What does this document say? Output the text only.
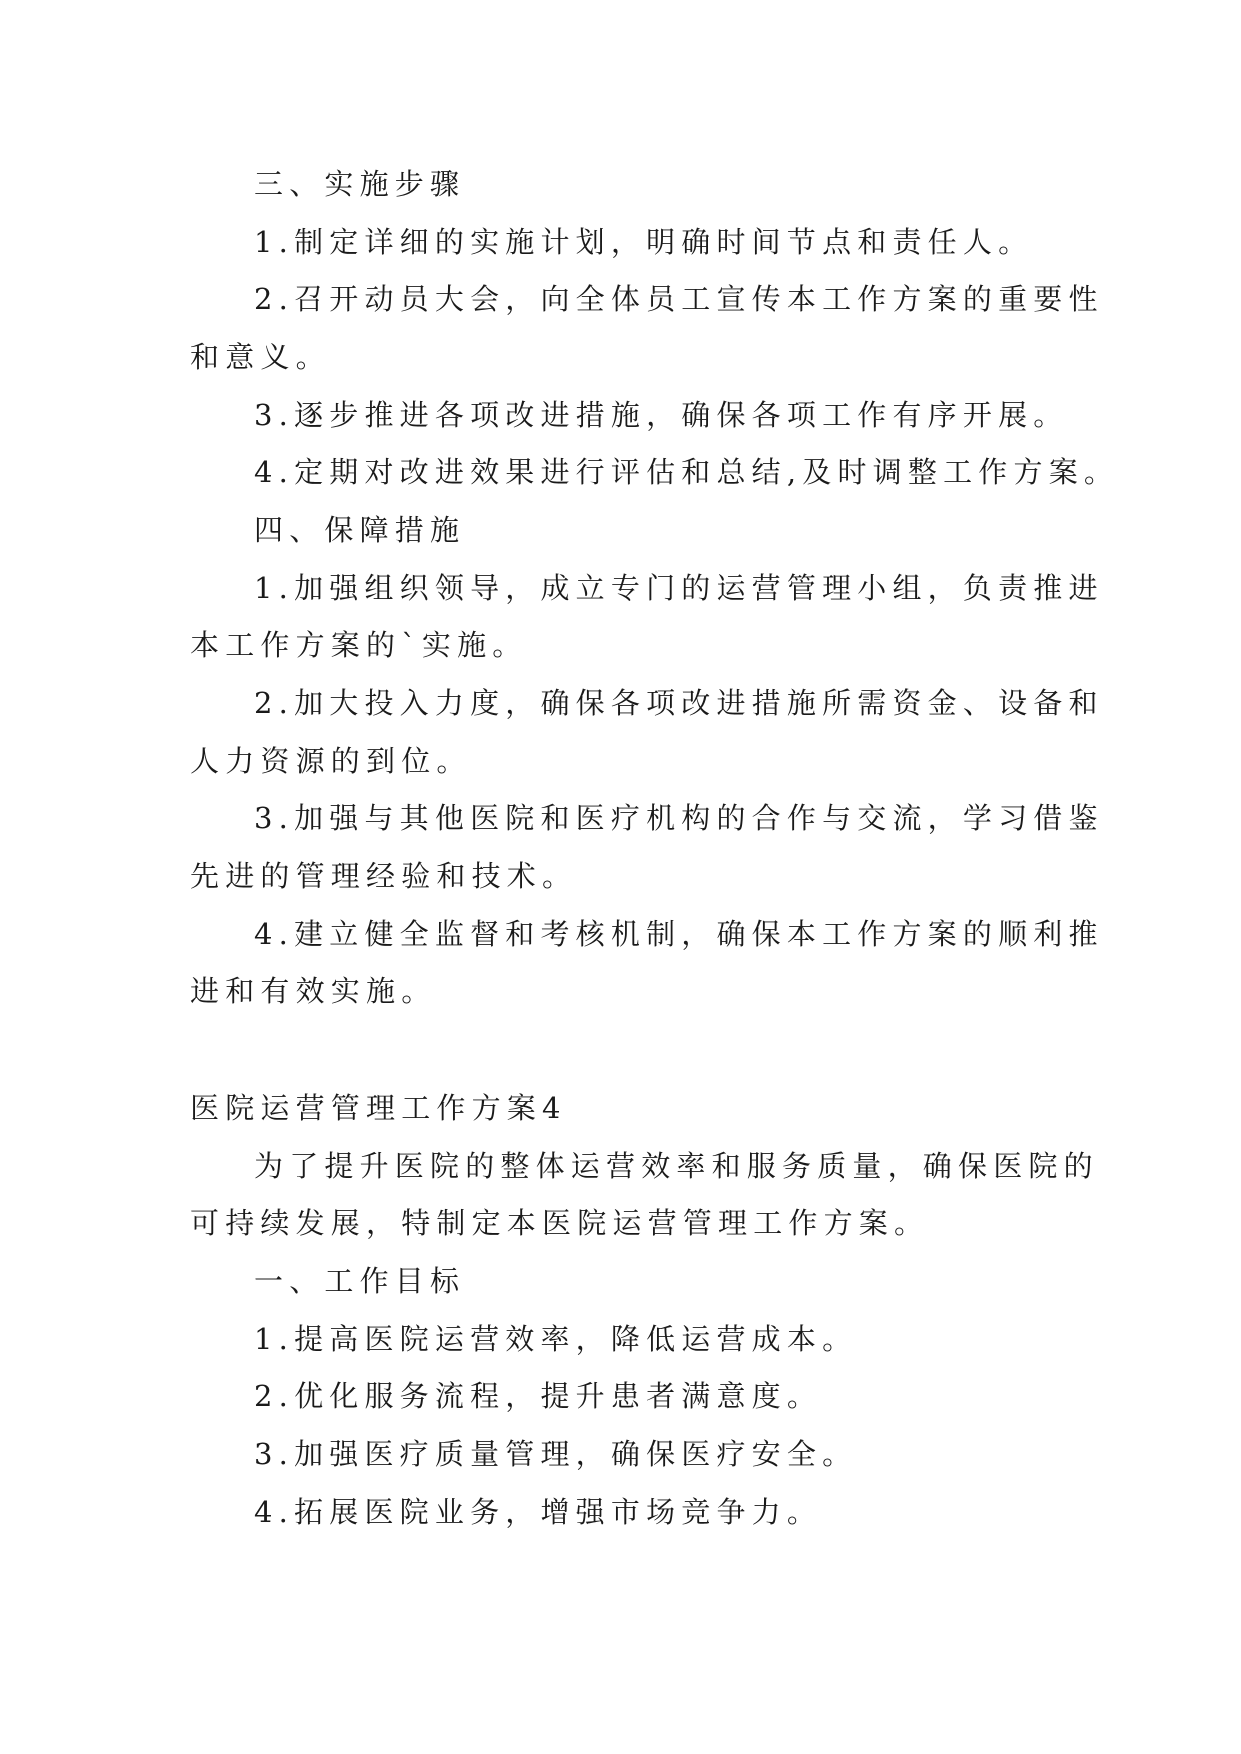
三、实施步骤
1.制定详细的实施计划，明确时间节点和责任人。
2.召开动员大会，向全体员工宣传本工作方案的重要性
和意义。
3.逐步推进各项改进措施，确保各项工作有序开展。
4.定期对改进效果进行评估和总结,及时调整工作方案。
四、保障措施
1.加强组织领导，成立专门的运营管理小组，负责推进
本工作方案的`实施。
2.加大投入力度，确保各项改进措施所需资金、设备和
人力资源的到位。
3.加强与其他医院和医疗机构的合作与交流，学习借鉴
先进的管理经验和技术。
4.建立健全监督和考核机制，确保本工作方案的顺利推
进和有效实施。
医院运营管理工作方案4
为了提升医院的整体运营效率和服务质量，确保医院的
可持续发展，特制定本医院运营管理工作方案。
一、工作目标
1.提高医院运营效率，降低运营成本。
2.优化服务流程，提升患者满意度。
3.加强医疗质量管理，确保医疗安全。
4.拓展医院业务，增强市场竞争力。
